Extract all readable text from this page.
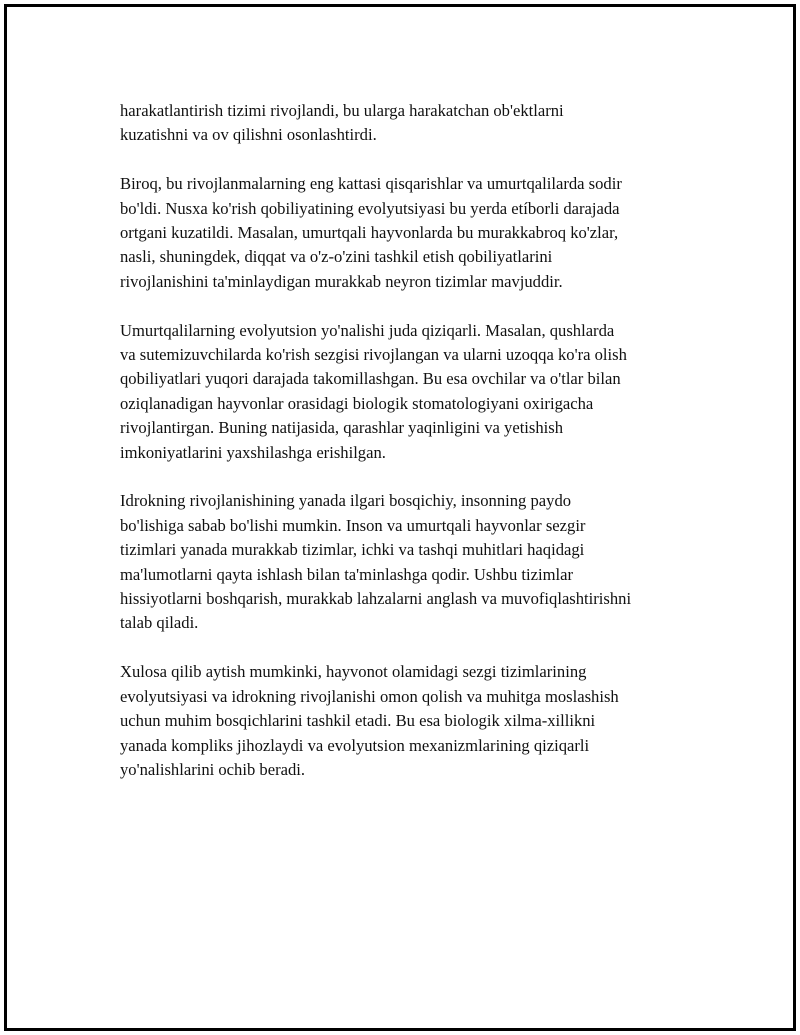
harakatlantirish tizimi rivojlandi, bu ularga harakatchan ob'ektlarni
kuzatishni va ov qilishni osonlashtirdi.

Biroq, bu rivojlanmalarning eng kattasi qisqarishlar va umurtqalilarda sodir
bo'ldi. Nusxa ko'rish qobiliyatining evolyutsiyasi bu yerda etíborli darajada
ortgani kuzatildi. Masalan, umurtqali hayvonlarda bu murakkabroq ko'zlar,
nasli, shuningdek, diqqat va o'z-o'zini tashkil etish qobiliyatlarini
rivojlanishini ta'minlaydigan murakkab neyron tizimlar mavjuddir.

Umurtqalilarning evolyutsion yo'nalishi juda qiziqarli. Masalan, qushlarda
va sutemizuvchilarda ko'rish sezgisi rivojlangan va ularni uzoqqa ko'ra olish
qobiliyatlari yuqori darajada takomillashgan. Bu esa ovchilar va o'tlar bilan
oziqlanadigan hayvonlar orasidagi biologik stomatologiyani oxirigacha
rivojlantirgan. Buning natijasida, qarashlar yaqinligini va yetishish
imkoniyatlarini yaxshilashga erishilgan.

Idrokning rivojlanishining yanada ilgari bosqichiy, insonning paydo
bo'lishiga sabab bo'lishi mumkin. Inson va umurtqali hayvonlar sezgir
tizimlari yanada murakkab tizimlar, ichki va tashqi muhitlari haqidagi
ma'lumotlarni qayta ishlash bilan ta'minlashga qodir. Ushbu tizimlar
hissiyotlarni boshqarish, murakkab lahzalarni anglash va muvofiqlashtirishni
talab qiladi.

Xulosa qilib aytish mumkinki, hayvonot olamidagi sezgi tizimlarining
evolyutsiyasi va idrokning rivojlanishi omon qolish va muhitga moslashish
uchun muhim bosqichlarini tashkil etadi. Bu esa biologik xilma-xillikni
yanada kompliks jihozlaydi va evolyutsion mexanizmlarining qiziqarli
yo'nalishlarini ochib beradi.
